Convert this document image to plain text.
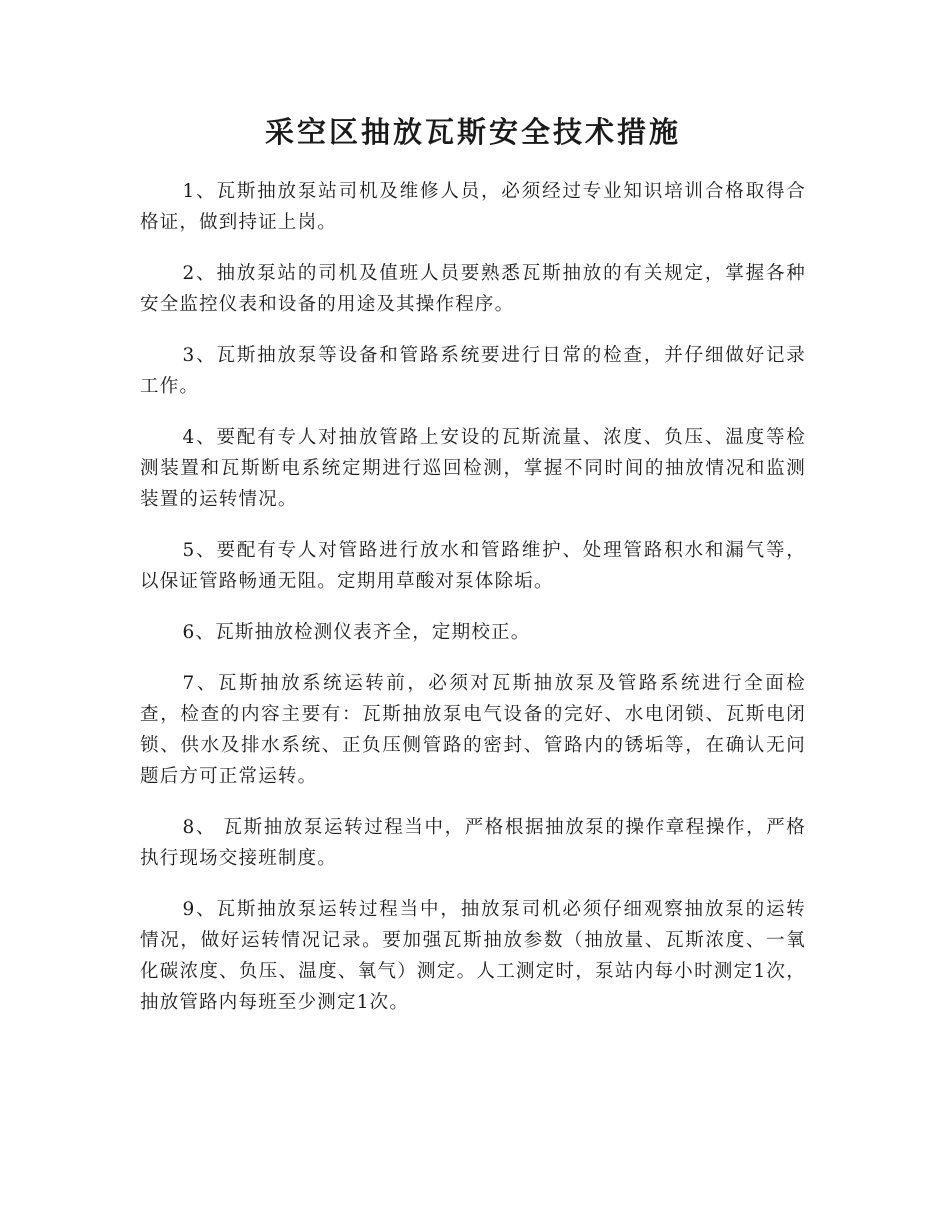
采空区抽放瓦斯安全技术措施

1、瓦斯抽放泵站司机及维修人员，必须经过专业知识培训合格取得合格证，做到持证上岗。

2、抽放泵站的司机及值班人员要熟悉瓦斯抽放的有关规定，掌握各种安全监控仪表和设备的用途及其操作程序。

3、瓦斯抽放泵等设备和管路系统要进行日常的检查，并仔细做好记录工作。

4、要配有专人对抽放管路上安设的瓦斯流量、浓度、负压、温度等检测装置和瓦斯断电系统定期进行巡回检测，掌握不同时间的抽放情况和监测装置的运转情况。

5、要配有专人对管路进行放水和管路维护、处理管路积水和漏气等，以保证管路畅通无阻。定期用草酸对泵体除垢。

6、瓦斯抽放检测仪表齐全，定期校正。

7、瓦斯抽放系统运转前，必须对瓦斯抽放泵及管路系统进行全面检查，检查的内容主要有：瓦斯抽放泵电气设备的完好、水电闭锁、瓦斯电闭锁、供水及排水系统、正负压侧管路的密封、管路内的锈垢等，在确认无问题后方可正常运转。

8、 瓦斯抽放泵运转过程当中，严格根据抽放泵的操作章程操作，严格执行现场交接班制度。

9、瓦斯抽放泵运转过程当中，抽放泵司机必须仔细观察抽放泵的运转情况，做好运转情况记录。要加强瓦斯抽放参数（抽放量、瓦斯浓度、一氧化碳浓度、负压、温度、氧气）测定。人工测定时，泵站内每小时测定1次，抽放管路内每班至少测定1次。
